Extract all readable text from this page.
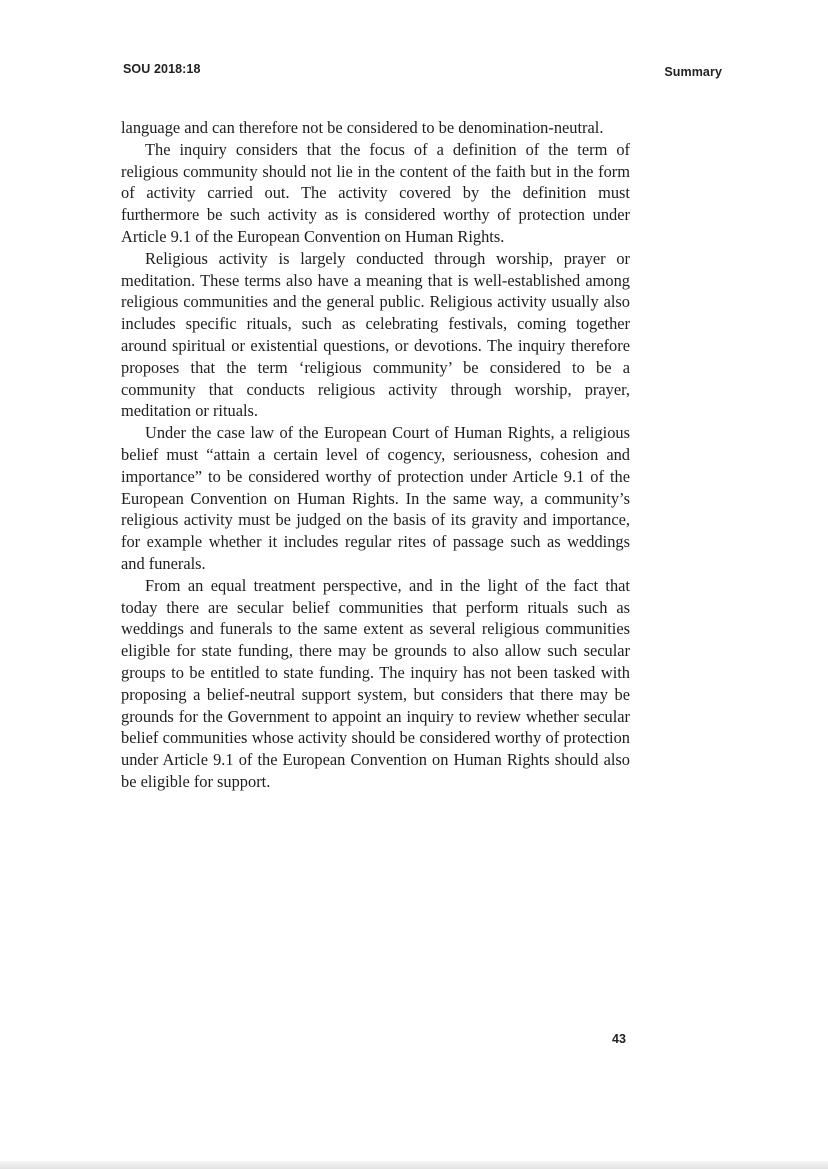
SOU 2018:18	Summary

language and can therefore not be considered to be denomination-neutral.

The inquiry considers that the focus of a definition of the term of religious community should not lie in the content of the faith but in the form of activity carried out. The activity covered by the definition must furthermore be such activity as is considered worthy of protection under Article 9.1 of the European Convention on Human Rights.

Religious activity is largely conducted through worship, prayer or meditation. These terms also have a meaning that is well-established among religious communities and the general public. Religious activity usually also includes specific rituals, such as celebrating festivals, coming together around spiritual or existential questions, or devotions. The inquiry therefore proposes that the term ‘religious community’ be considered to be a community that conducts religious activity through worship, prayer, meditation or rituals.

Under the case law of the European Court of Human Rights, a religious belief must “attain a certain level of cogency, seriousness, cohesion and importance” to be considered worthy of protection under Article 9.1 of the European Convention on Human Rights. In the same way, a community’s religious activity must be judged on the basis of its gravity and importance, for example whether it includes regular rites of passage such as weddings and funerals.

From an equal treatment perspective, and in the light of the fact that today there are secular belief communities that perform rituals such as weddings and funerals to the same extent as several religious communities eligible for state funding, there may be grounds to also allow such secular groups to be entitled to state funding. The inquiry has not been tasked with proposing a belief-neutral support system, but considers that there may be grounds for the Government to appoint an inquiry to review whether secular belief communities whose activity should be considered worthy of protection under Article 9.1 of the European Convention on Human Rights should also be eligible for support.

43
